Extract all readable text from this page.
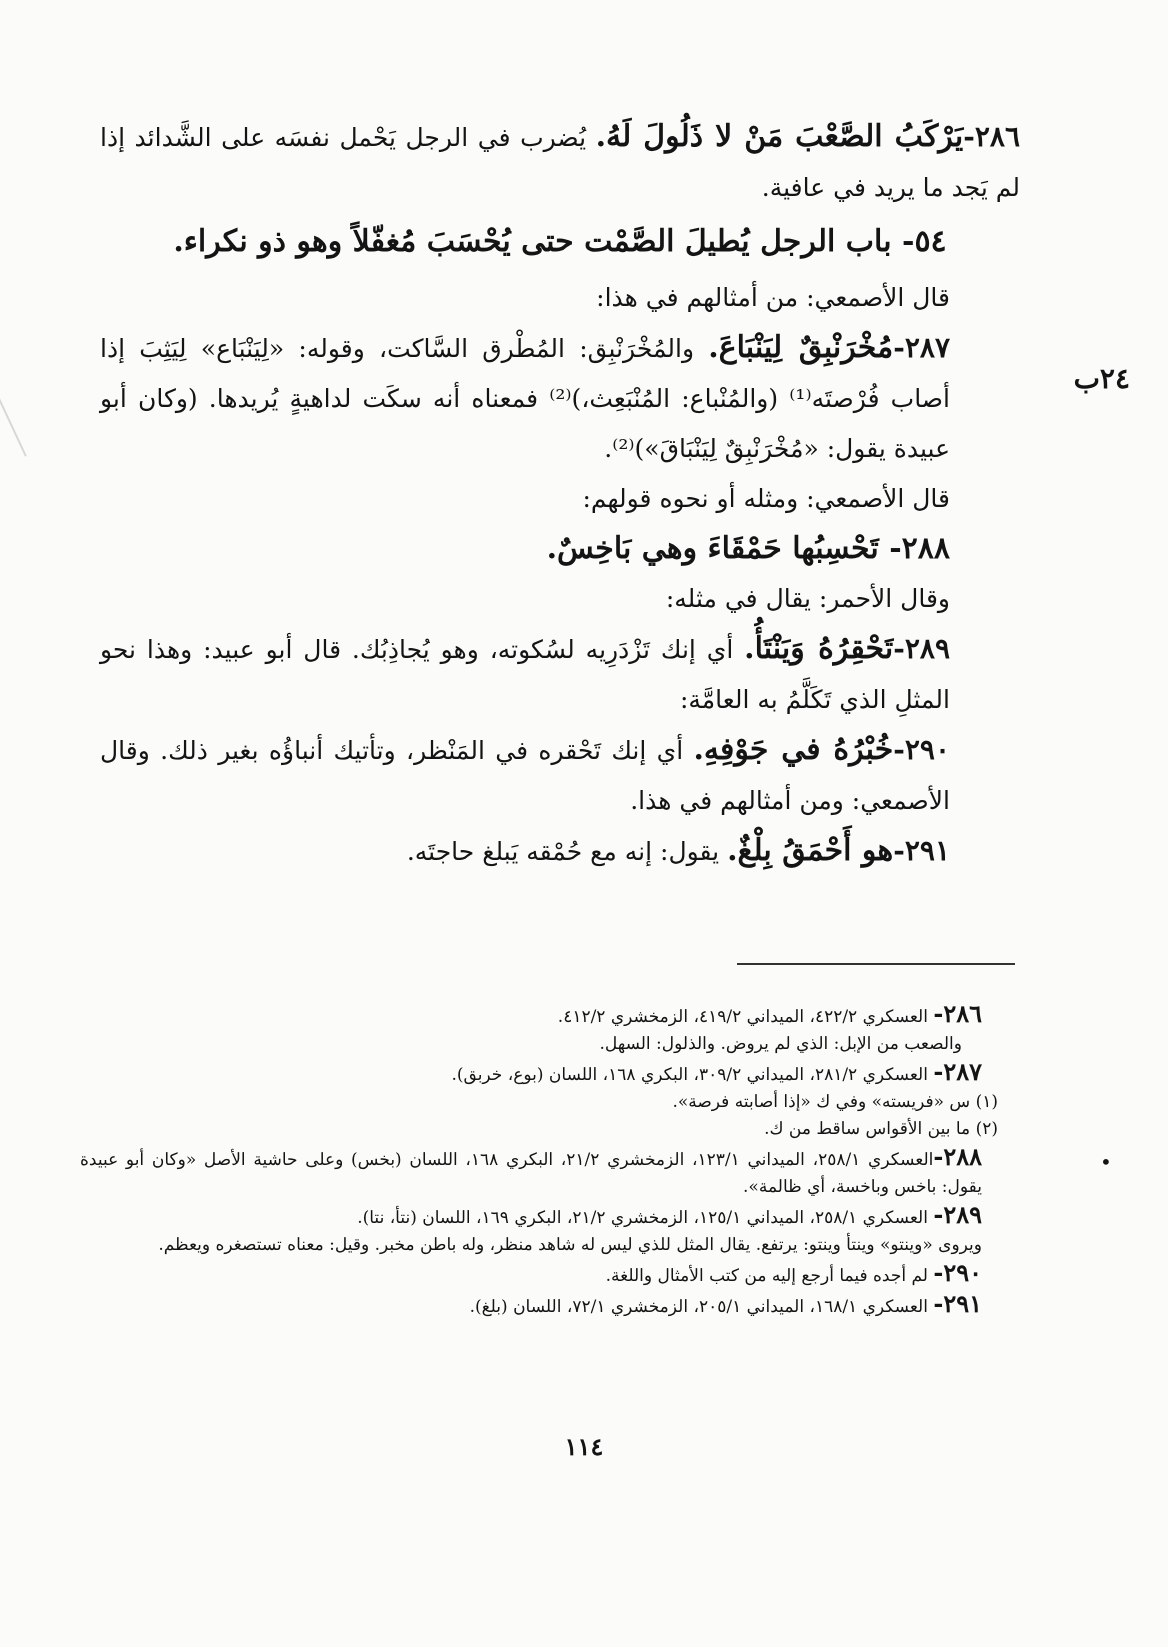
٢٤ب

٢٨٦-يَرْكَبُ الصَّعْبَ مَنْ لا ذَلُولَ لَهُ. يُضرب في الرجل يَحْمل نفسَه على الشَّدائد إذا لم يَجد ما يريد في عافية.

٥٤- باب الرجل يُطيلَ الصَّمْت حتى يُحْسَبَ مُغفّلاً وهو ذو نكراء.

قال الأصمعي: من أمثالهم في هذا:

٢٨٧-مُخْرَنْبِقٌ لِيَنْبَاعَ. والمُخْرَنْبِق: المُطْرق السَّاكت، وقوله: «لِيَنْبَاع» لِيَثِبَ إذا أصاب فُرْصتَه⁽¹⁾ (والمُنْباع: المُنْبَعِث،)⁽²⁾ فمعناه أنه سكَت لداهيةٍ يُريدها. (وكان أبو عبيدة يقول: «مُخْرَنْبِقٌ لِيَنْبَاقَ»)⁽²⁾.

قال الأصمعي: ومثله أو نحوه قولهم:

٢٨٨- تَحْسِبُها حَمْقَاءَ وهي بَاخِسٌ.

وقال الأحمر: يقال في مثله:

٢٨٩-تَحْقِرُهُ وَيَنْتَأُ. أي إنك تَزْدَرِيه لسُكوته، وهو يُجاذِبُك. قال أبو عبيد: وهذا نحو المثلِ الذي تَكَلَّمُ به العامَّة:

٢٩٠-خُبْرُهُ في جَوْفِهِ. أي إنك تَحْقره في المَنْظر، وتأتيك أنباؤُه بغير ذلك. وقال الأصمعي: ومن أمثالهم في هذا.

٢٩١-هو أَحْمَقُ بِلْغٌ. يقول: إنه مع حُمْقه يَبلغ حاجتَه.

٢٨٦- العسكري ٤٢٢/٢، الميداني ٤١٩/٢، الزمخشري ٤١٢/٢.

والصعب من الإبل: الذي لم يروض. والذلول: السهل.

٢٨٧- العسكري ٢٨١/٢، الميداني ٣٠٩/٢، البكري ١٦٨، اللسان (بوع، خربق).

(١) س «فريسته» وفي ك «إذا أصابته فرصة».

(٢) ما بين الأقواس ساقط من ك.

٢٨٨-العسكري ٢٥٨/١، الميداني ١٢٣/١، الزمخشري ٢١/٢، البكري ١٦٨، اللسان (بخس) وعلى حاشية الأصل «وكان أبو عبيدة يقول: باخس وباخسة، أي ظالمة».

٢٨٩- العسكري ٢٥٨/١، الميداني ١٢٥/١، الزمخشري ٢١/٢، البكري ١٦٩، اللسان (نتأ، نتا).

ويروى «وينتو» وينتأ وينتو: يرتفع. يقال المثل للذي ليس له شاهد منظر، وله باطن مخبر. وقيل: معناه تستصغره ويعظم.

٢٩٠- لم أجده فيما أرجع إليه من كتب الأمثال واللغة.

٢٩١- العسكري ١٦٨/١، الميداني ٢٠٥/١، الزمخشري ٧٢/١، اللسان (بلغ).

•
١١٤
